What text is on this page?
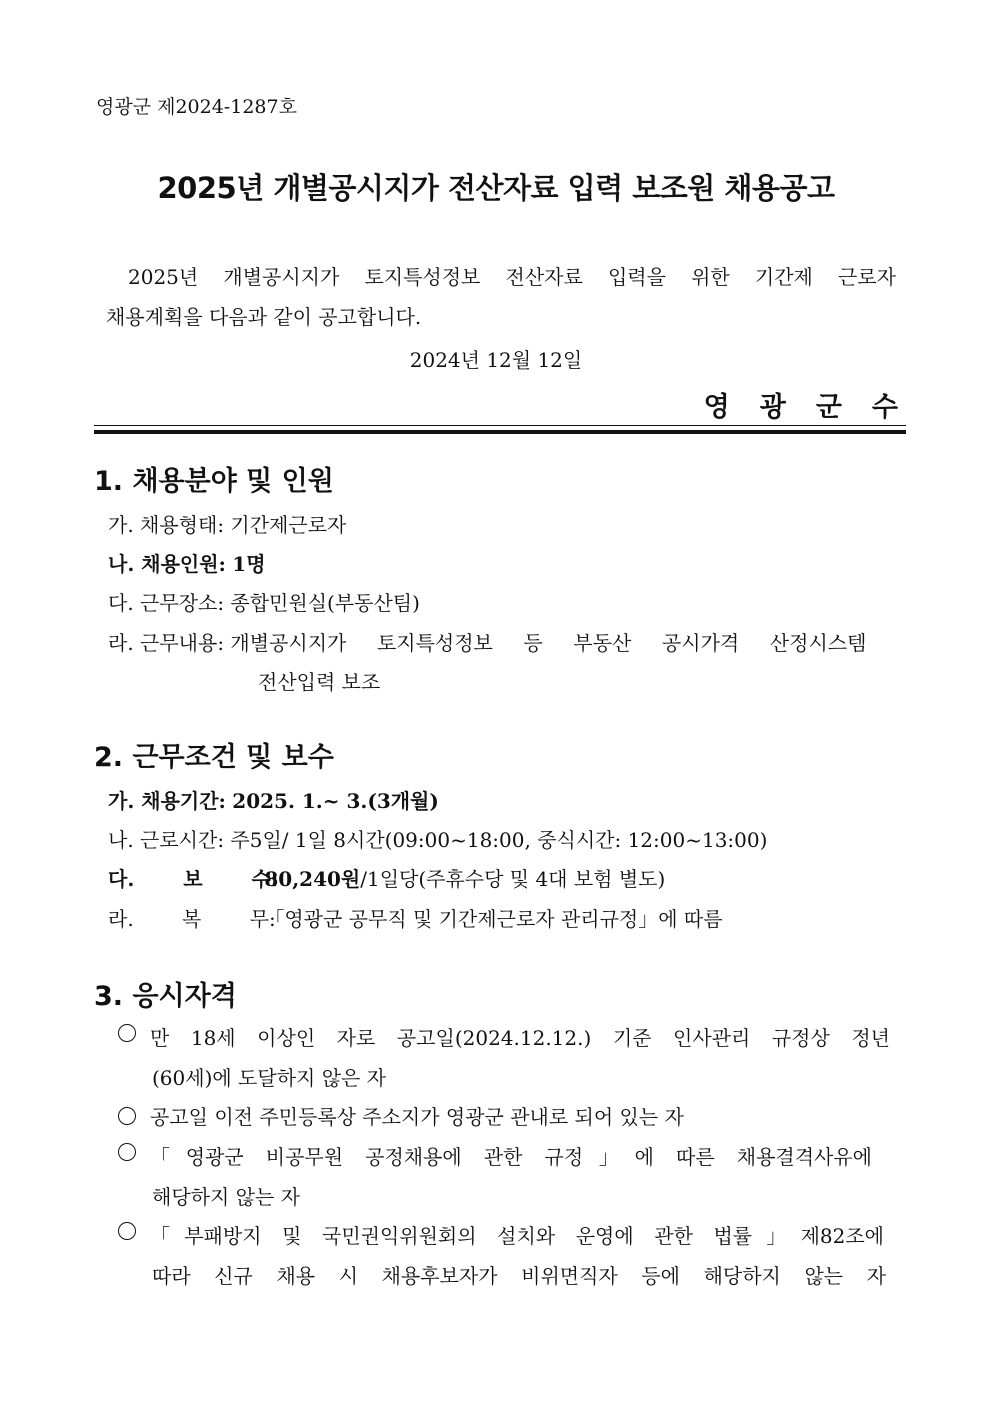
영광군 제2024-1287호
2025년 개별공시지가 전산자료 입력 보조원 채용공고
2025년 개별공시지가 토지특성정보 전산자료 입력을 위한 기간제 근로자
채용계획을 다음과 같이 공고합니다.
2024년 12월 12일
영광군수
1. 채용분야 및 인원
가. 채용형태: 기간제근로자
나. 채용인원: 1명
다. 근무장소: 종합민원실(부동산팀)
라. 근무내용: 개별공시지가 토지특성정보 등 부동산 공시가격 산정시스템
전산입력 보조
2. 근무조건 및 보수
가. 채용기간: 2025. 1.~ 3.(3개월)
나. 근로시간: 주5일/ 1일 8시간(09:00~18:00, 중식시간: 12:00~13:00)
다. 보 수: 80,240원/1일당(주휴수당 및 4대 보험 별도)
라. 복 무: 「영광군 공무직 및 기간제근로자 관리규정」에 따름
3. 응시자격
만 18세 이상인 자로 공고일(2024.12.12.) 기준 인사관리 규정상 정년
(60세)에 도달하지 않은 자
공고일 이전 주민등록상 주소지가 영광군 관내로 되어 있는 자
「영광군 비공무원 공정채용에 관한 규정」에 따른 채용결격사유에
해당하지 않는 자
「부패방지 및 국민권익위원회의 설치와 운영에 관한 법률」제82조에
따라 신규 채용 시 채용후보자가 비위면직자 등에 해당하지 않는 자
